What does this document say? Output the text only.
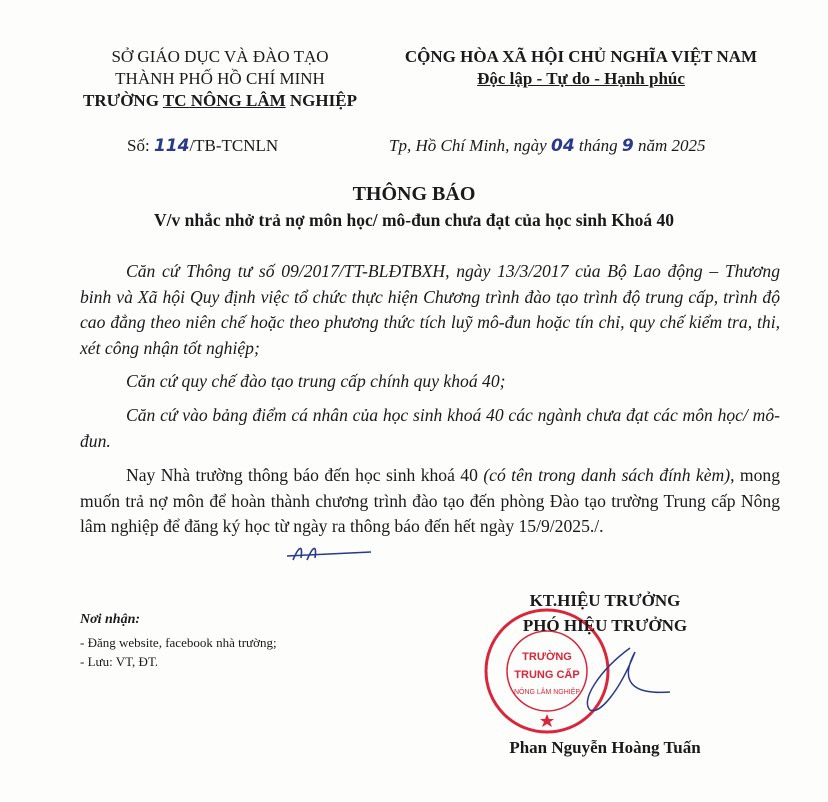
SỞ GIÁO DỤC VÀ ĐÀO TẠO
THÀNH PHỐ HỒ CHÍ MINH
TRƯỜNG TC NÔNG LÂM NGHIỆP
CỘNG HÒA XÃ HỘI CHỦ NGHĨA VIỆT NAM
Độc lập - Tự do - Hạnh phúc
Số: 114/TB-TCNLN	Tp, Hồ Chí Minh, ngày 04 tháng 9 năm 2025
THÔNG BÁO
V/v nhắc nhở trả nợ môn học/ mô-đun chưa đạt của học sinh Khoá 40

Căn cứ Thông tư số 09/2017/TT-BLĐTBXH, ngày 13/3/2017 của Bộ Lao động – Thương binh và Xã hội Quy định việc tổ chức thực hiện Chương trình đào tạo trình độ trung cấp, trình độ cao đẳng theo niên chế hoặc theo phương thức tích luỹ mô-đun hoặc tín chỉ, quy chế kiểm tra, thi, xét công nhận tốt nghiệp;

Căn cứ quy chế đào tạo trung cấp chính quy khoá 40;

Căn cứ vào bảng điểm cá nhân của học sinh khoá 40 các ngành chưa đạt các môn học/ mô-đun.

Nay Nhà trường thông báo đến học sinh khoá 40 (có tên trong danh sách đính kèm), mong muốn trả nợ môn để hoàn thành chương trình đào tạo đến phòng Đào tạo trường Trung cấp Nông lâm nghiệp để đăng ký học từ ngày ra thông báo đến hết ngày 15/9/2025./.

Nơi nhận:
- Đăng website, facebook nhà trường;
- Lưu: VT, ĐT.	TRƯỜNG
TRUNG CẤP
NÔNG LÂM NGHIỆP
KT.HIỆU TRƯỞNG
PHÓ HIỆU TRƯỞNG
Phan Nguyễn Hoàng Tuấn
